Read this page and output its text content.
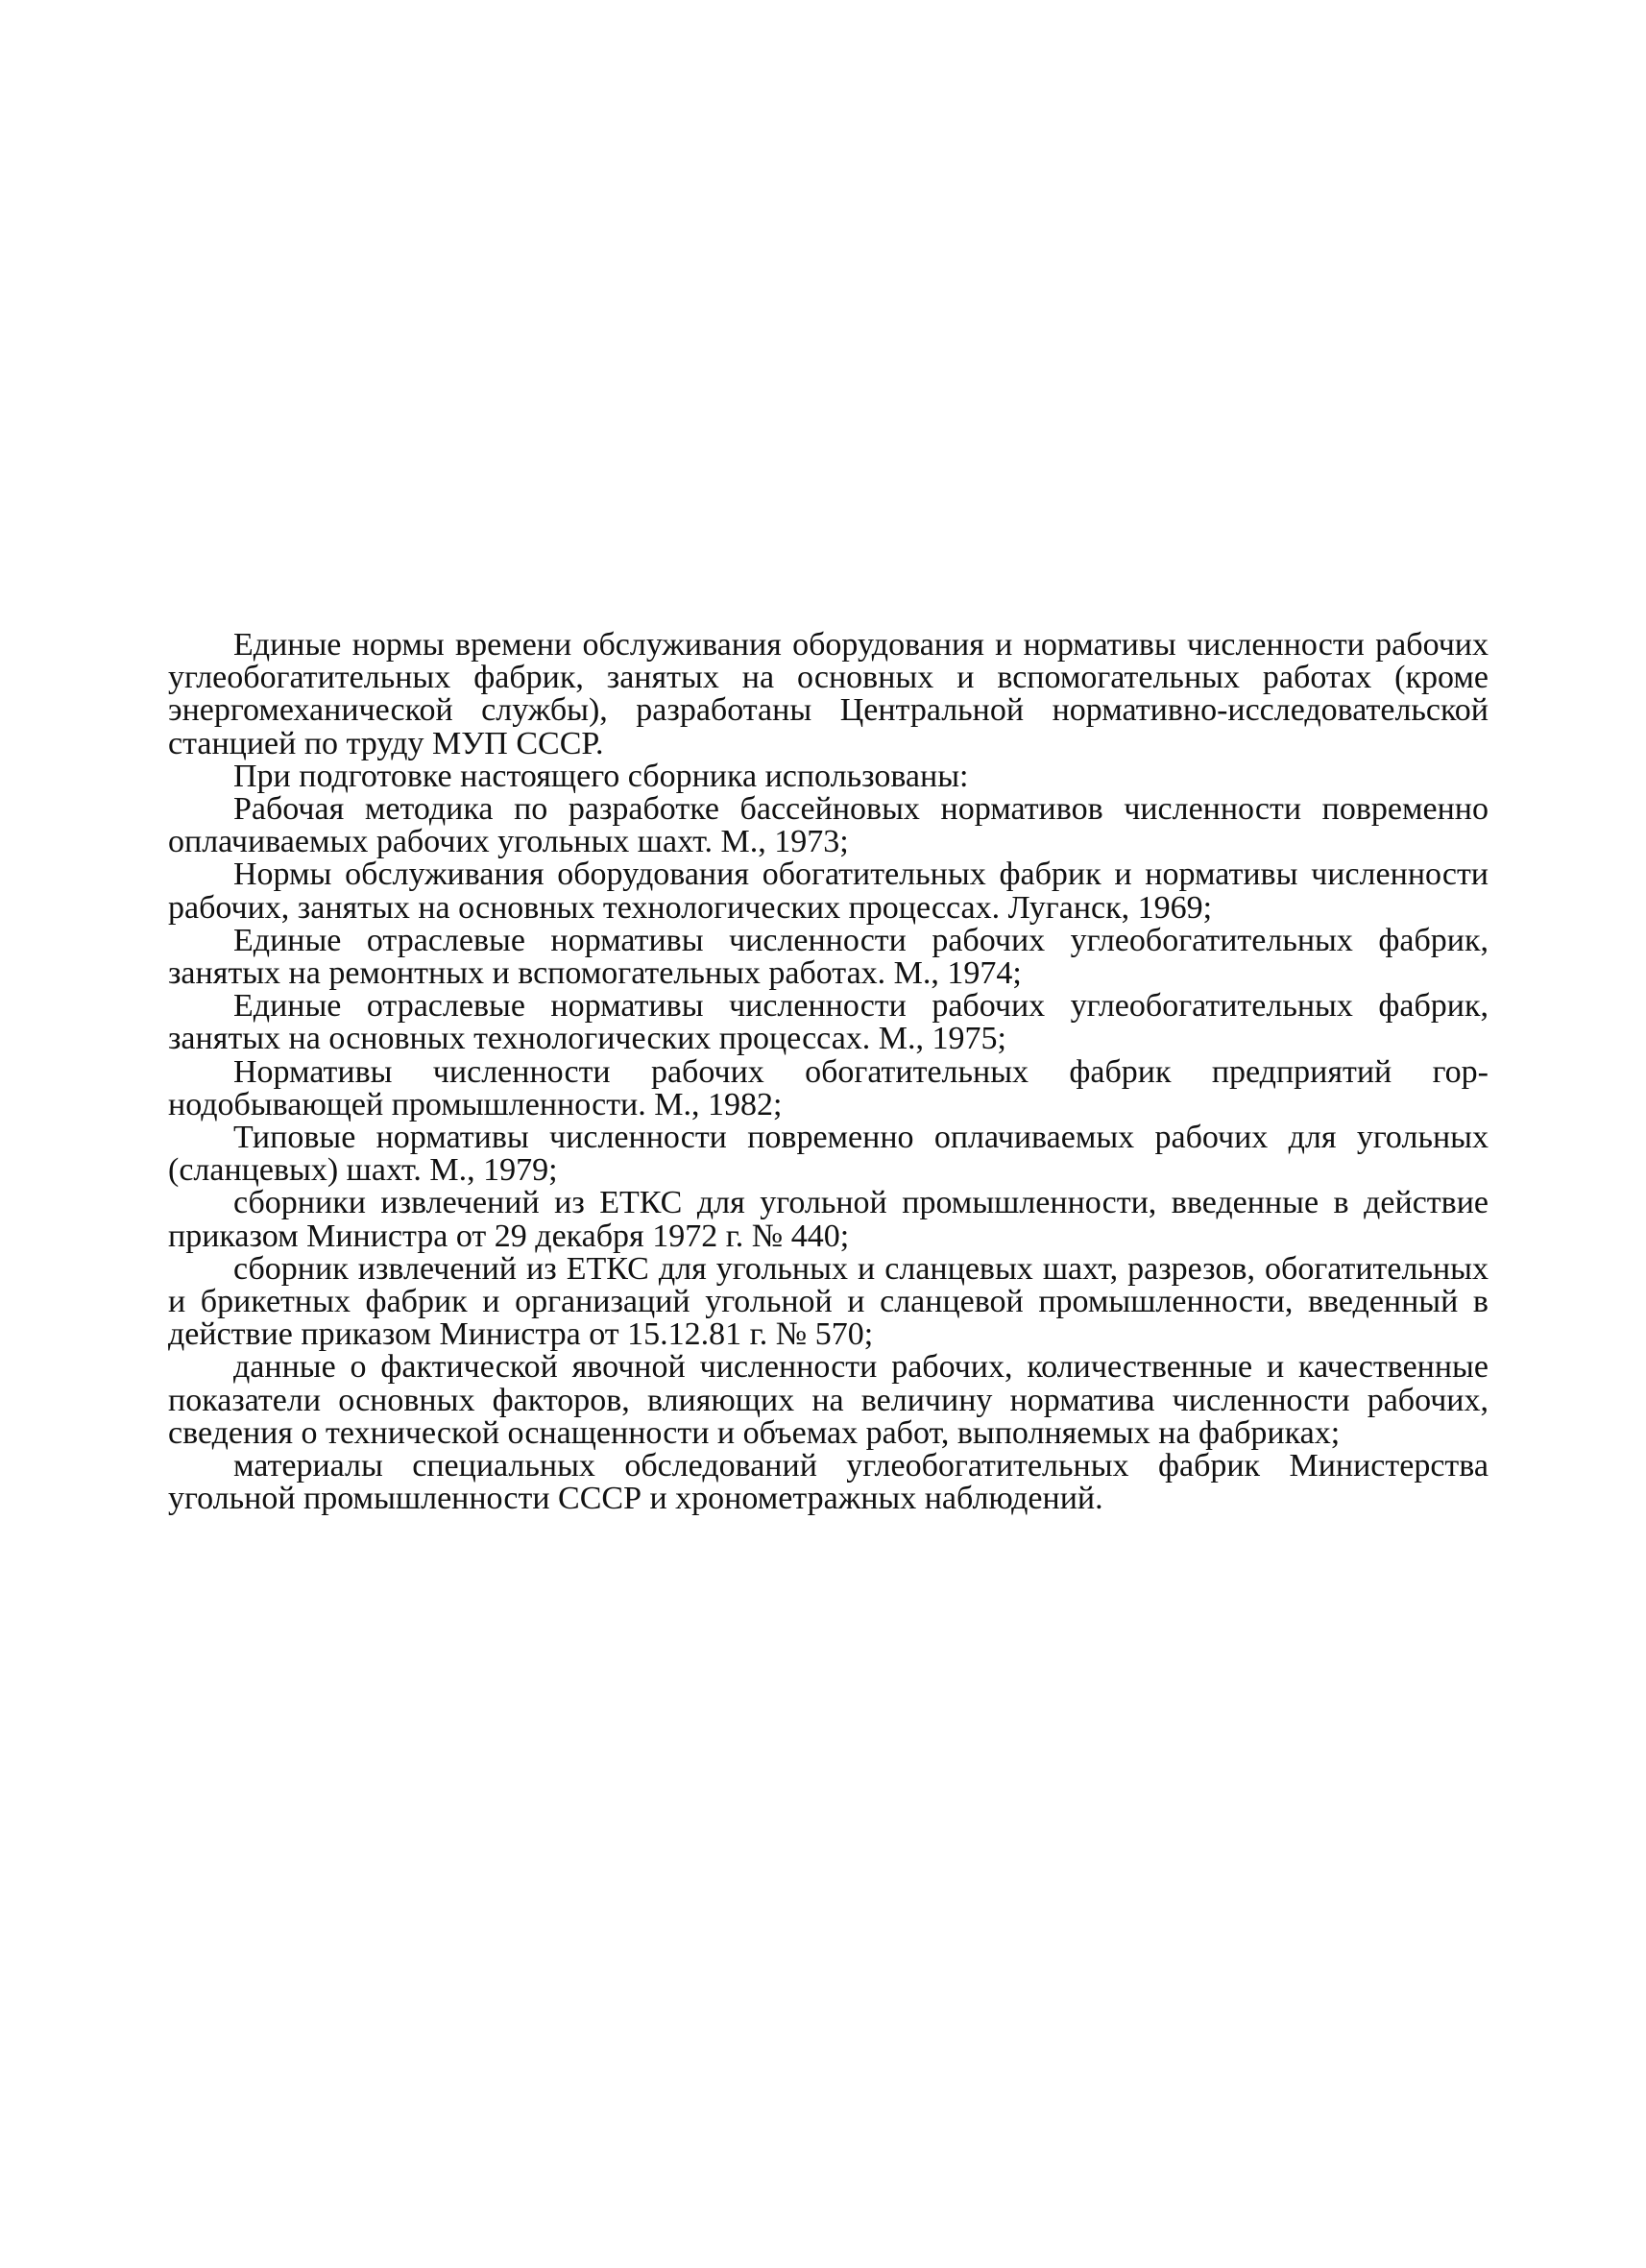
Единые нормы времени обслуживания оборудования и нормативы численности рабочих углеобогатительных фабрик, занятых на основных и вспомогательных работах (кроме энергомеханической службы), разработаны Центральной нормативно-исследовательской станцией по труду МУП СССР.

При подготовке настоящего сборника использованы:

Рабочая методика по разработке бассейновых нормативов численности повременно оплачиваемых рабочих угольных шахт. М., 1973;

Нормы обслуживания оборудования обогатительных фабрик и нормативы численности рабочих, занятых на основных технологических процессах. Луганск, 1969;

Единые отраслевые нормативы численности рабочих углеобогатительных фабрик, занятых на ремонтных и вспомогательных работах. М., 1974;

Единые отраслевые нормативы численности рабочих углеобогатительных фабрик, занятых на основных технологических процессах. М., 1975;

Нормативы численности рабочих обогатительных фабрик предприятий горнодобывающей промышленности. М., 1982;

Типовые нормативы численности повременно оплачиваемых рабочих для угольных (сланцевых) шахт. М., 1979;

сборники извлечений из ЕТКС для угольной промышленности, введенные в действие приказом Министра от 29 декабря 1972 г. № 440;

сборник извлечений из ЕТКС для угольных и сланцевых шахт, разрезов, обогатительных и брикетных фабрик и организаций угольной и сланцевой промышленности, введенный в действие приказом Министра от 15.12.81 г. № 570;

данные о фактической явочной численности рабочих, количественные и качественные показатели основных факторов, влияющих на величину норматива численности рабочих, сведения о технической оснащенности и объемах работ, выполняемых на фабриках;

материалы специальных обследований углеобогатительных фабрик Министерства угольной промышленности СССР и хронометражных наблюдений.
